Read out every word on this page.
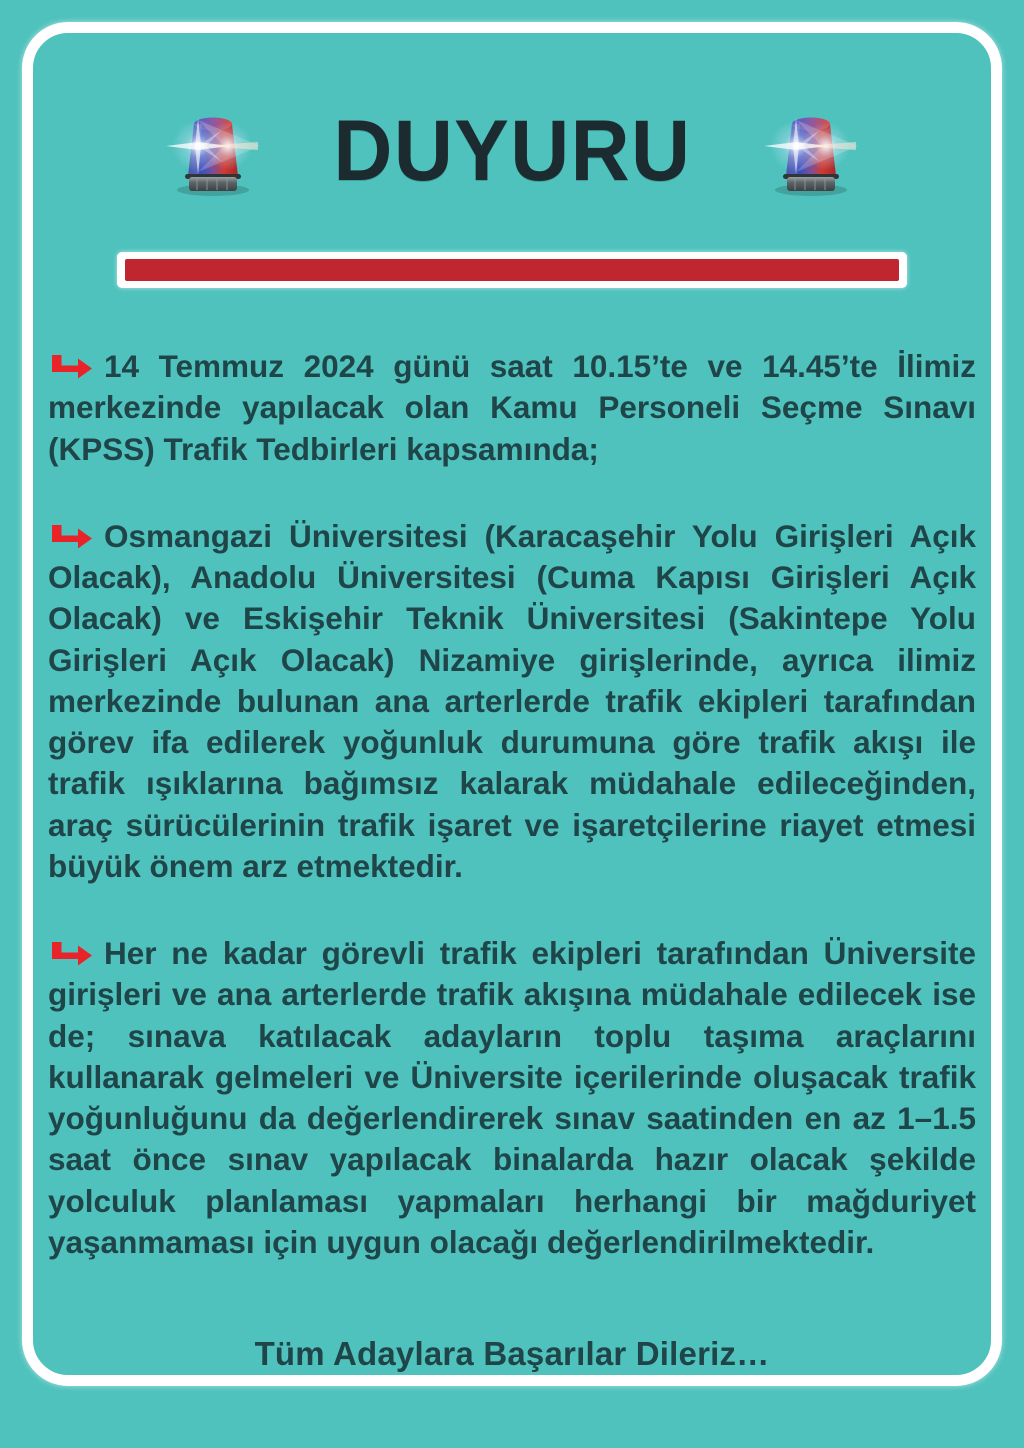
DUYURU

14 Temmuz 2024 günü saat 10.15’te ve 14.45’te İlimiz merkezinde yapılacak olan Kamu Personeli Seçme Sınavı (KPSS) Trafik Tedbirleri kapsamında;

Osmangazi Üniversitesi (Karacaşehir Yolu Girişleri Açık Olacak), Anadolu Üniversitesi (Cuma Kapısı Girişleri Açık Olacak) ve Eskişehir Teknik Üniversitesi (Sakintepe Yolu Girişleri Açık Olacak) Nizamiye girişlerinde, ayrıca ilimiz merkezinde bulunan ana arterlerde trafik ekipleri tarafından görev ifa edilerek yoğunluk durumuna göre trafik akışı ile trafik ışıklarına bağımsız kalarak müdahale edileceğinden, araç sürücülerinin trafik işaret ve işaretçilerine riayet etmesi büyük önem arz etmektedir.

Her ne kadar görevli trafik ekipleri tarafından Üniversite girişleri ve ana arterlerde trafik akışına müdahale edilecek ise de; sınava katılacak adayların toplu taşıma araçlarını kullanarak gelmeleri ve Üniversite içerilerinde oluşacak trafik yoğunluğunu da değerlendirerek sınav saatinden en az 1–1.5 saat önce sınav yapılacak binalarda hazır olacak şekilde yolculuk planlaması yapmaları herhangi bir mağduriyet yaşanmaması için uygun olacağı değerlendirilmektedir.

Tüm Adaylara Başarılar Dileriz…
